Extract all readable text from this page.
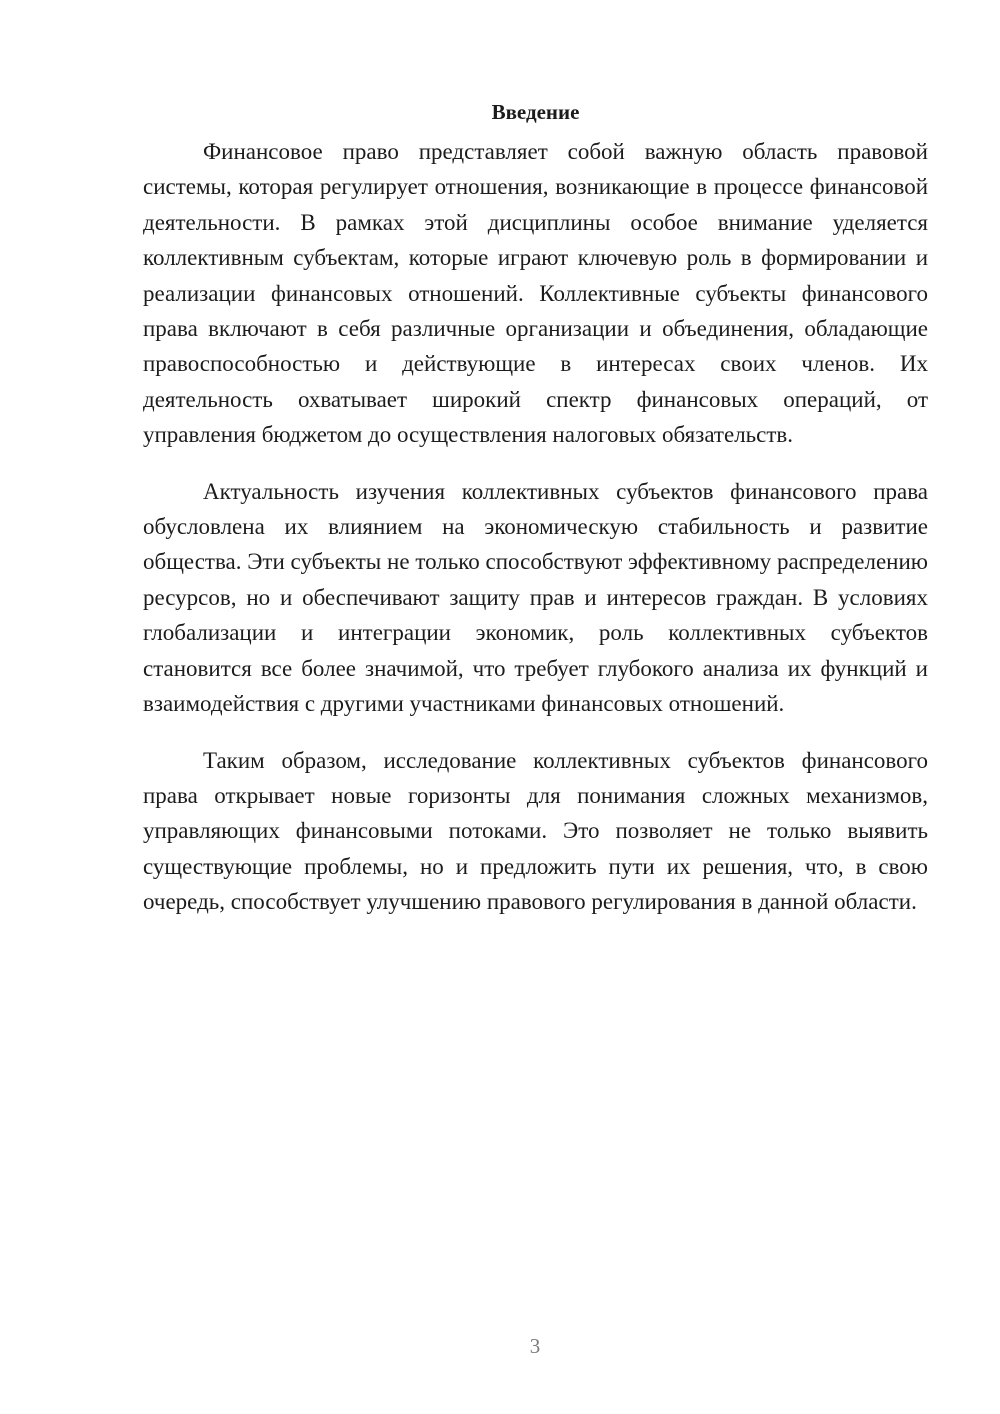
Введение

Финансовое право представляет собой важную область правовой системы, которая регулирует отношения, возникающие в процессе финансовой деятельности. В рамках этой дисциплины особое внимание уделяется коллективным субъектам, которые играют ключевую роль в формировании и реализации финансовых отношений. Коллективные субъекты финансового права включают в себя различные организации и объединения, обладающие правоспособностью и действующие в интересах своих членов. Их деятельность охватывает широкий спектр финансовых операций, от управления бюджетом до осуществления налоговых обязательств.

Актуальность изучения коллективных субъектов финансового права обусловлена их влиянием на экономическую стабильность и развитие общества. Эти субъекты не только способствуют эффективному распределению ресурсов, но и обеспечивают защиту прав и интересов граждан. В условиях глобализации и интеграции экономик, роль коллективных субъектов становится все более значимой, что требует глубокого анализа их функций и взаимодействия с другими участниками финансовых отношений.

Таким образом, исследование коллективных субъектов финансового права открывает новые горизонты для понимания сложных механизмов, управляющих финансовыми потоками. Это позволяет не только выявить существующие проблемы, но и предложить пути их решения, что, в свою очередь, способствует улучшению правового регулирования в данной области.

3
